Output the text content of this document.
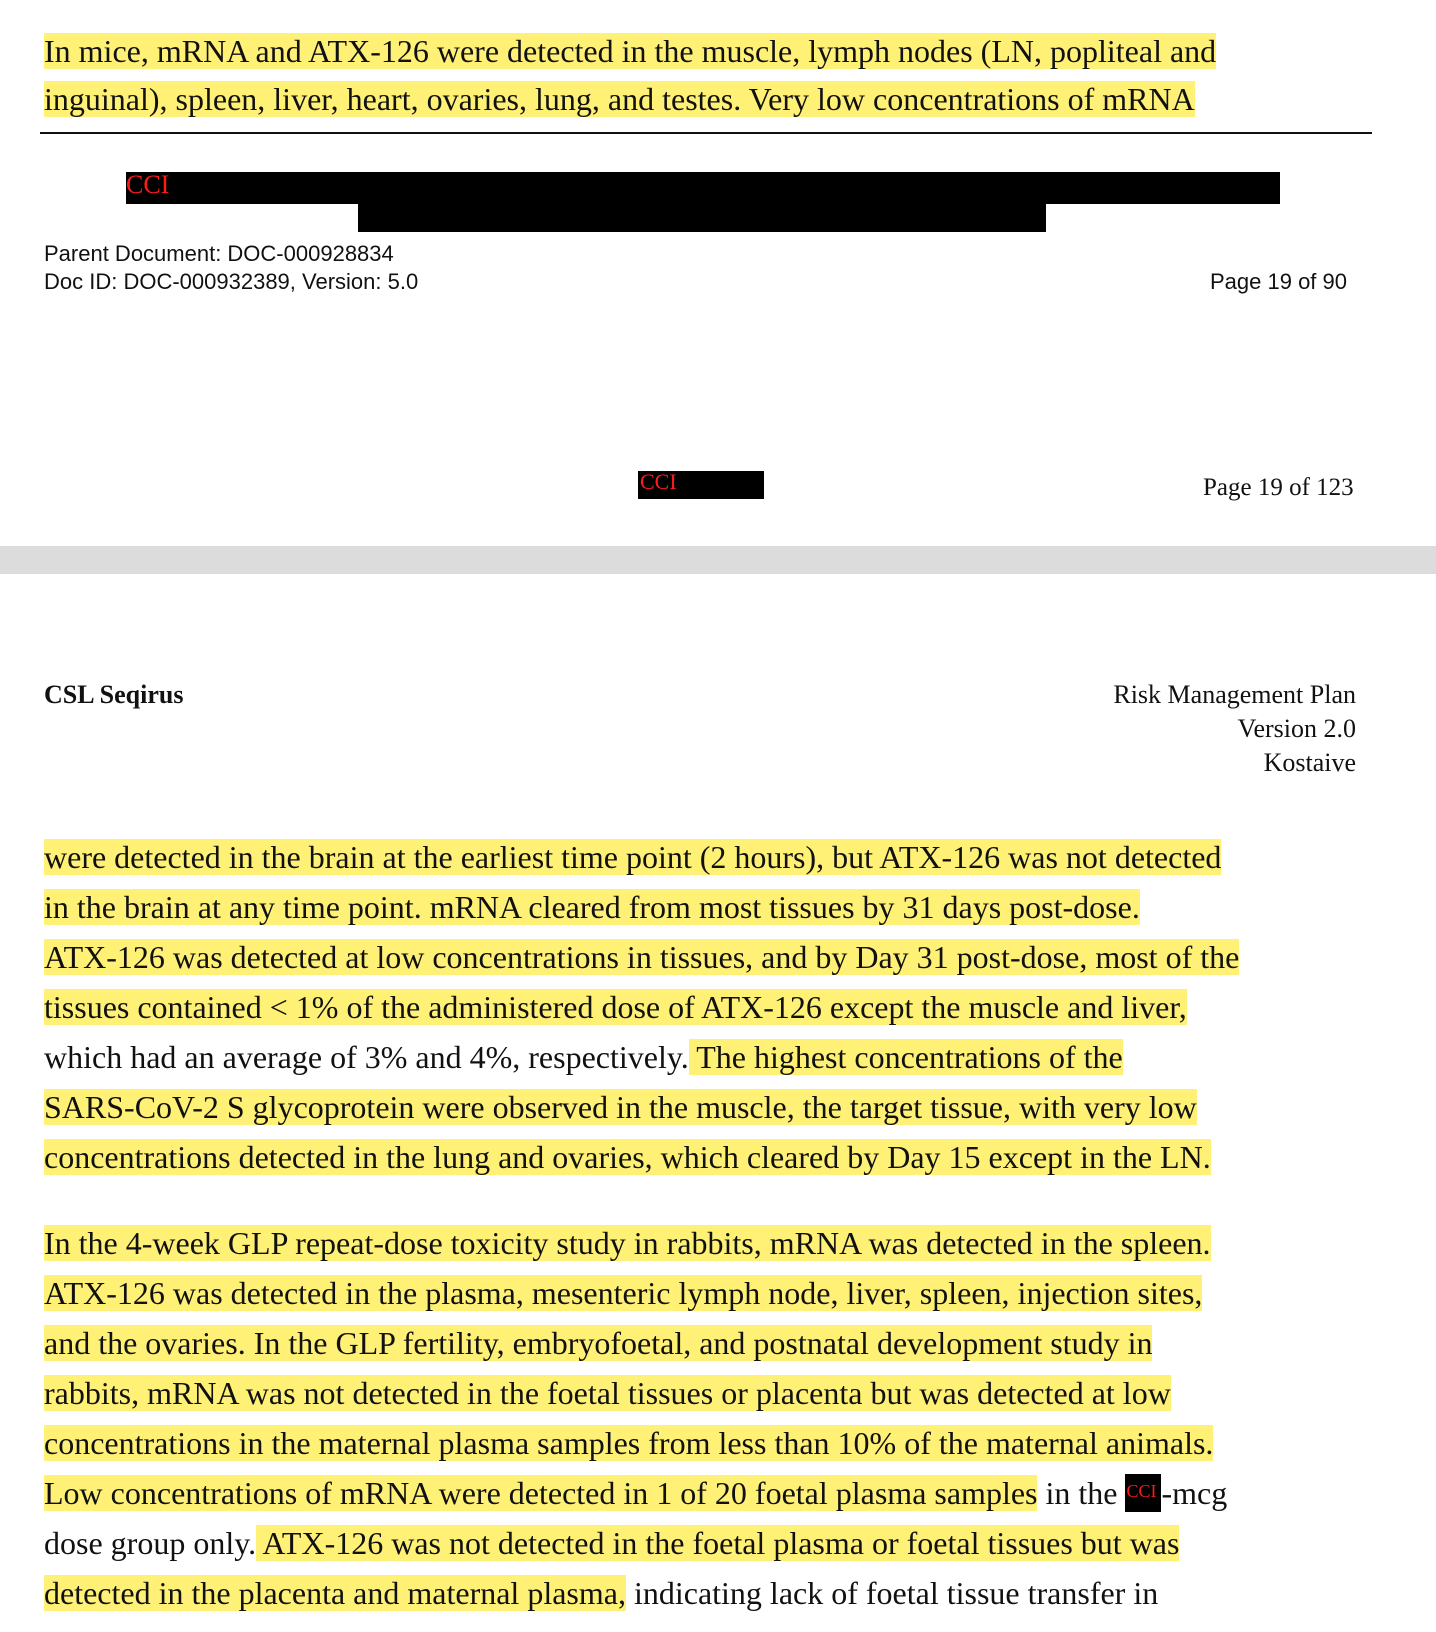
In mice, mRNA and ATX-126 were detected in the muscle, lymph nodes (LN, popliteal and
inguinal), spleen, liver, heart, ovaries, lung, and testes. Very low concentrations of mRNA
CCI
Parent Document: DOC-000928834
Doc ID: DOC-000932389, Version: 5.0	Page 19 of 90
CCI	Page 19 of 123
CSL Seqirus	Risk Management Plan
Version 2.0
Kostaive
were detected in the brain at the earliest time point (2 hours), but ATX-126 was not detected
in the brain at any time point. mRNA cleared from most tissues by 31 days post-dose.
ATX-126 was detected at low concentrations in tissues, and by Day 31 post-dose, most of the
tissues contained < 1% of the administered dose of ATX-126 except the muscle and liver,
which had an average of 3% and 4%, respectively. The highest concentrations of the
SARS-CoV-2 S glycoprotein were observed in the muscle, the target tissue, with very low
concentrations detected in the lung and ovaries, which cleared by Day 15 except in the LN.
In the 4-week GLP repeat-dose toxicity study in rabbits, mRNA was detected in the spleen.
ATX-126 was detected in the plasma, mesenteric lymph node, liver, spleen, injection sites,
and the ovaries. In the GLP fertility, embryofoetal, and postnatal development study in
rabbits, mRNA was not detected in the foetal tissues or placenta but was detected at low
concentrations in the maternal plasma samples from less than 10% of the maternal animals.
Low concentrations of mRNA were detected in 1 of 20 foetal plasma samples in the CCI -mcg
dose group only. ATX-126 was not detected in the foetal plasma or foetal tissues but was
detected in the placenta and maternal plasma, indicating lack of foetal tissue transfer in
